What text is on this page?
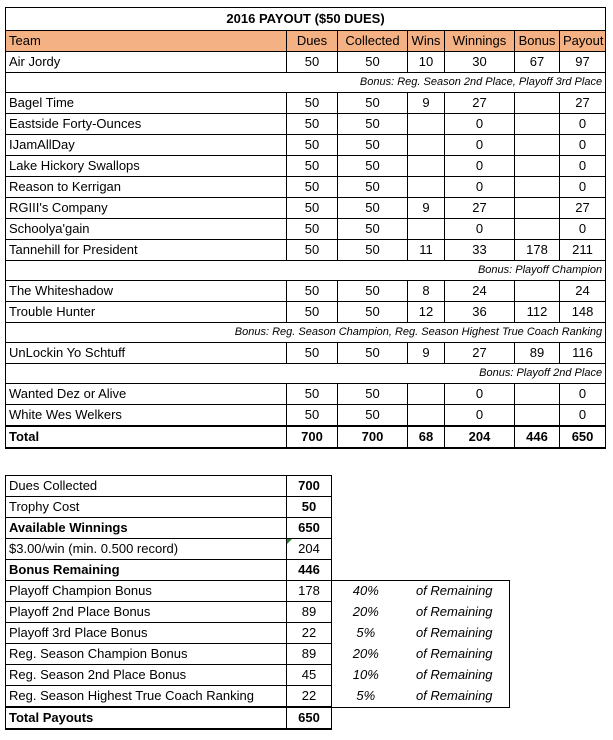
2016 PAYOUT ($50 DUES)						
Team	Dues	Collected	Wins	Winnings	Bonus	Payout
Air Jordy	50	50	10	30	67	97
Bonus: Reg. Season 2nd Place, Playoff 3rd Place						
Bagel Time	50	50	9	27		27
Eastside Forty-Ounces	50	50		0		0
IJamAllDay	50	50		0		0
Lake Hickory Swallops	50	50		0		0
Reason to Kerrigan	50	50		0		0
RGIII's Company	50	50	9	27		27
Schoolya'gain	50	50		0		0
Tannehill for President	50	50	11	33	178	211
Bonus: Playoff Champion						
The Whiteshadow	50	50	8	24		24
Trouble Hunter	50	50	12	36	112	148
Bonus: Reg. Season Champion, Reg. Season Highest True Coach Ranking						
UnLockin Yo Schtuff	50	50	9	27	89	116
Bonus: Playoff 2nd Place						
Wanted Dez or Alive	50	50		0		0
White Wes Welkers	50	50		0		0
Total	700	700	68	204	446	650
Dues Collected	700		
Trophy Cost	50		
Available Winnings	650		
$3.00/win (min. 0.500 record)	204		
Bonus Remaining	446		
Playoff Champion Bonus	178	40%	of Remaining
Playoff 2nd Place Bonus	89	20%	of Remaining
Playoff 3rd Place Bonus	22	5%	of Remaining
Reg. Season Champion Bonus	89	20%	of Remaining
Reg. Season 2nd Place Bonus	45	10%	of Remaining
Reg. Season Highest True Coach Ranking	22	5%	of Remaining
Total Payouts	650		
